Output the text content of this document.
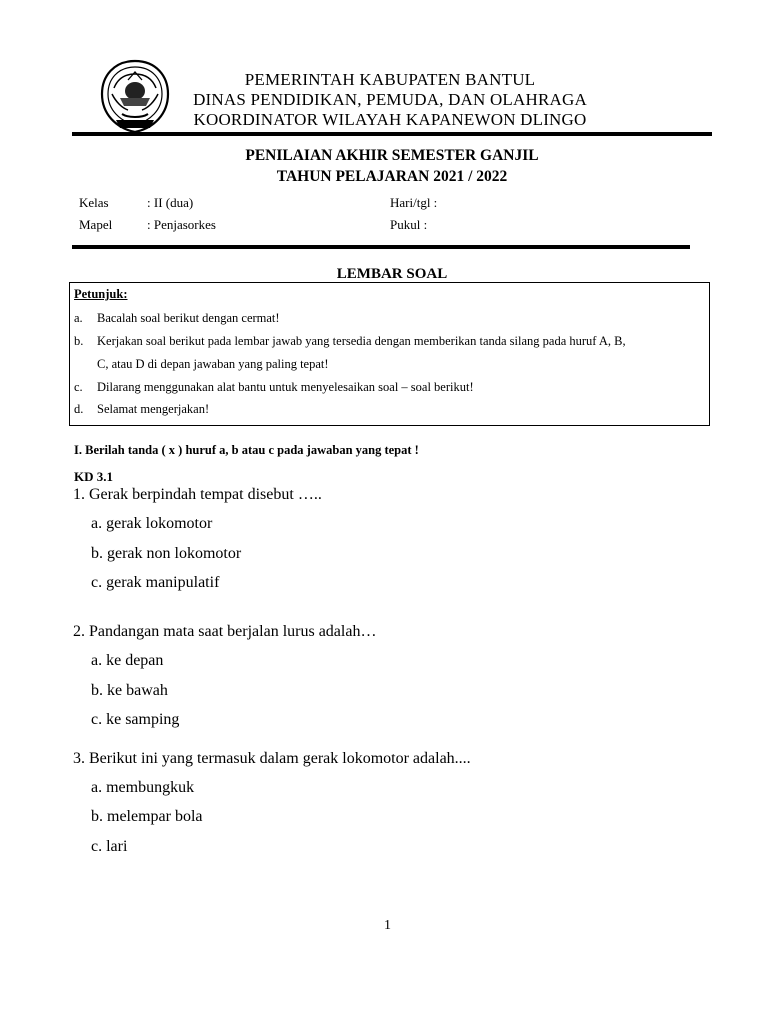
PEMERINTAH KABUPATEN BANTUL
DINAS PENDIDIKAN, PEMUDA, DAN OLAHRAGA
KOORDINATOR WILAYAH KAPANEWON DLINGO
PENILAIAN AKHIR SEMESTER GANJIL
TAHUN PELAJARAN 2021 / 2022
Kelas	: II (dua)	Hari/tgl :
Mapel	: Penjasorkes	Pukul :
LEMBAR SOAL
Petunjuk:
a. Bacalah soal berikut dengan cermat!
b. Kerjakan soal berikut pada lembar jawab yang tersedia dengan memberikan tanda silang pada huruf A, B,
C, atau D di depan jawaban yang paling tepat!
c. Dilarang menggunakan alat bantu untuk menyelesaikan soal – soal berikut!
d. Selamat mengerjakan!
I. Berilah tanda ( x ) huruf a, b atau c pada jawaban yang tepat !
KD 3.1
1. Gerak berpindah tempat disebut …..
a. gerak lokomotor
b. gerak non lokomotor
c. gerak manipulatif
2. Pandangan mata saat berjalan lurus adalah…
a. ke depan
b. ke bawah
c. ke samping
3. Berikut ini yang termasuk dalam gerak lokomotor adalah....
a. membungkuk
b. melempar bola
c. lari
1
